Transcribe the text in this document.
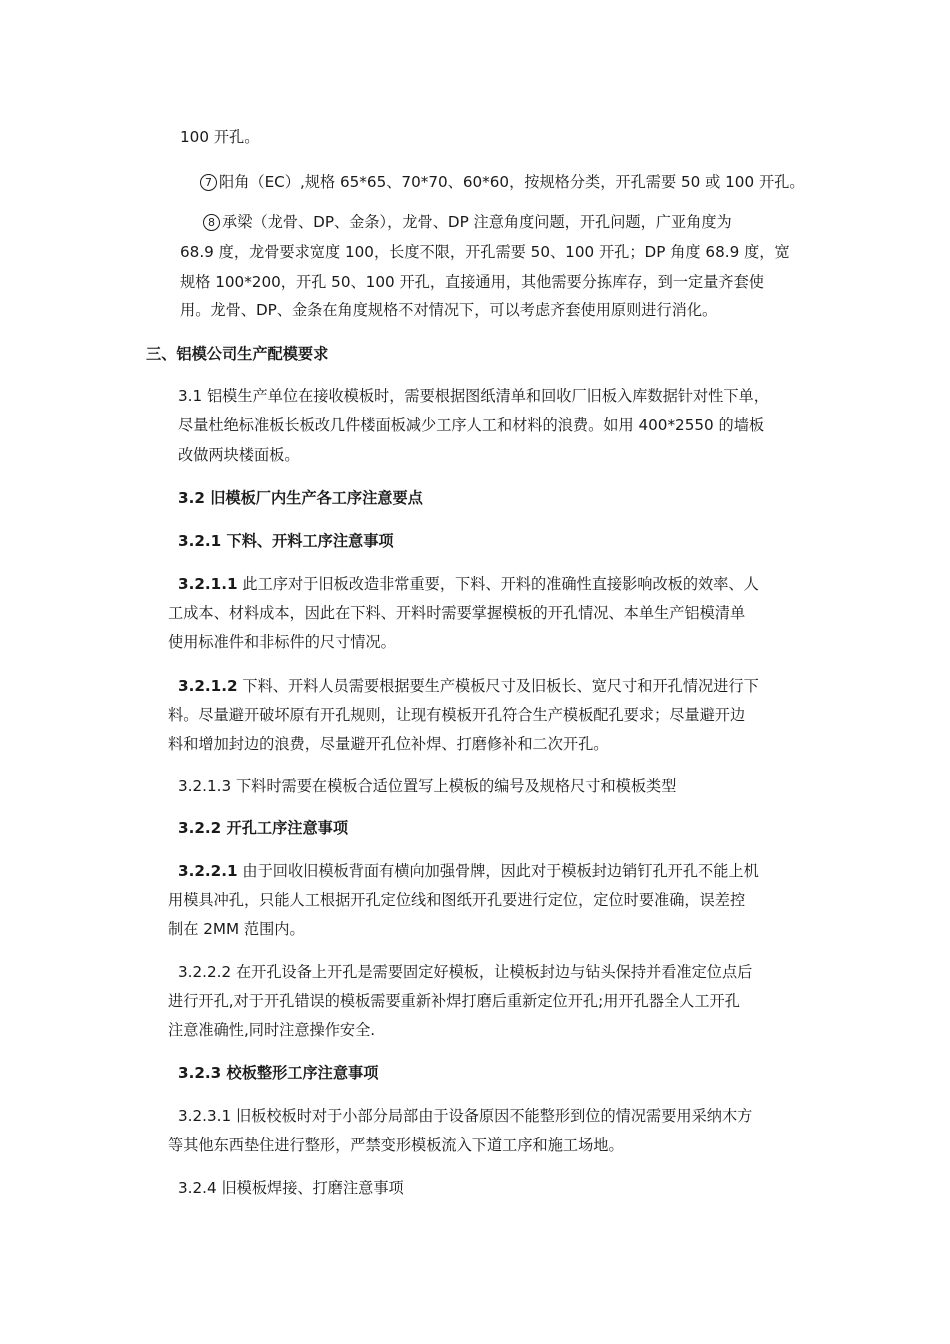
100 开孔。
7 阳角（EC）,规格 65*65、70*70、60*60，按规格分类，开孔需要 50 或 100 开孔。
8 承梁（龙骨、DP、金条），龙骨、DP 注意角度问题，开孔问题，广亚角度为
68.9 度，龙骨要求宽度 100，长度不限，开孔需要 50、100 开孔；DP 角度 68.9 度，宽
规格 100*200，开孔 50、100 开孔，直接通用，其他需要分拣库存，到一定量齐套使
用。龙骨、DP、金条在角度规格不对情况下，可以考虑齐套使用原则进行消化。
三、铝模公司生产配模要求
3.1 铝模生产单位在接收模板时，需要根据图纸清单和回收厂旧板入库数据针对性下单，
尽量杜绝标准板长板改几件楼面板减少工序人工和材料的浪费。如用 400*2550 的墙板
改做两块楼面板。
3.2 旧模板厂内生产各工序注意要点
3.2.1 下料、开料工序注意事项
3.2.1.1 此工序对于旧板改造非常重要，下料、开料的准确性直接影响改板的效率、人
工成本、材料成本，因此在下料、开料时需要掌握模板的开孔情况、本单生产铝模清单
使用标准件和非标件的尺寸情况。
3.2.1.2 下料、开料人员需要根据要生产模板尺寸及旧板长、宽尺寸和开孔情况进行下
料。尽量避开破坏原有开孔规则，让现有模板开孔符合生产模板配孔要求；尽量避开边
料和增加封边的浪费，尽量避开孔位补焊、打磨修补和二次开孔。
3.2.1.3 下料时需要在模板合适位置写上模板的编号及规格尺寸和模板类型
3.2.2 开孔工序注意事项
3.2.2.1 由于回收旧模板背面有横向加强骨牌，因此对于模板封边销钉孔开孔不能上机
用模具冲孔，只能人工根据开孔定位线和图纸开孔要进行定位，定位时要准确，误差控
制在 2MM 范围内。
3.2.2.2 在开孔设备上开孔是需要固定好模板，让模板封边与钻头保持并看准定位点后
进行开孔,对于开孔错误的模板需要重新补焊打磨后重新定位开孔;用开孔器全人工开孔
注意准确性,同时注意操作安全.
3.2.3 校板整形工序注意事项
3.2.3.1 旧板校板时对于小部分局部由于设备原因不能整形到位的情况需要用采纳木方
等其他东西垫住进行整形，严禁变形模板流入下道工序和施工场地。
3.2.4 旧模板焊接、打磨注意事项
